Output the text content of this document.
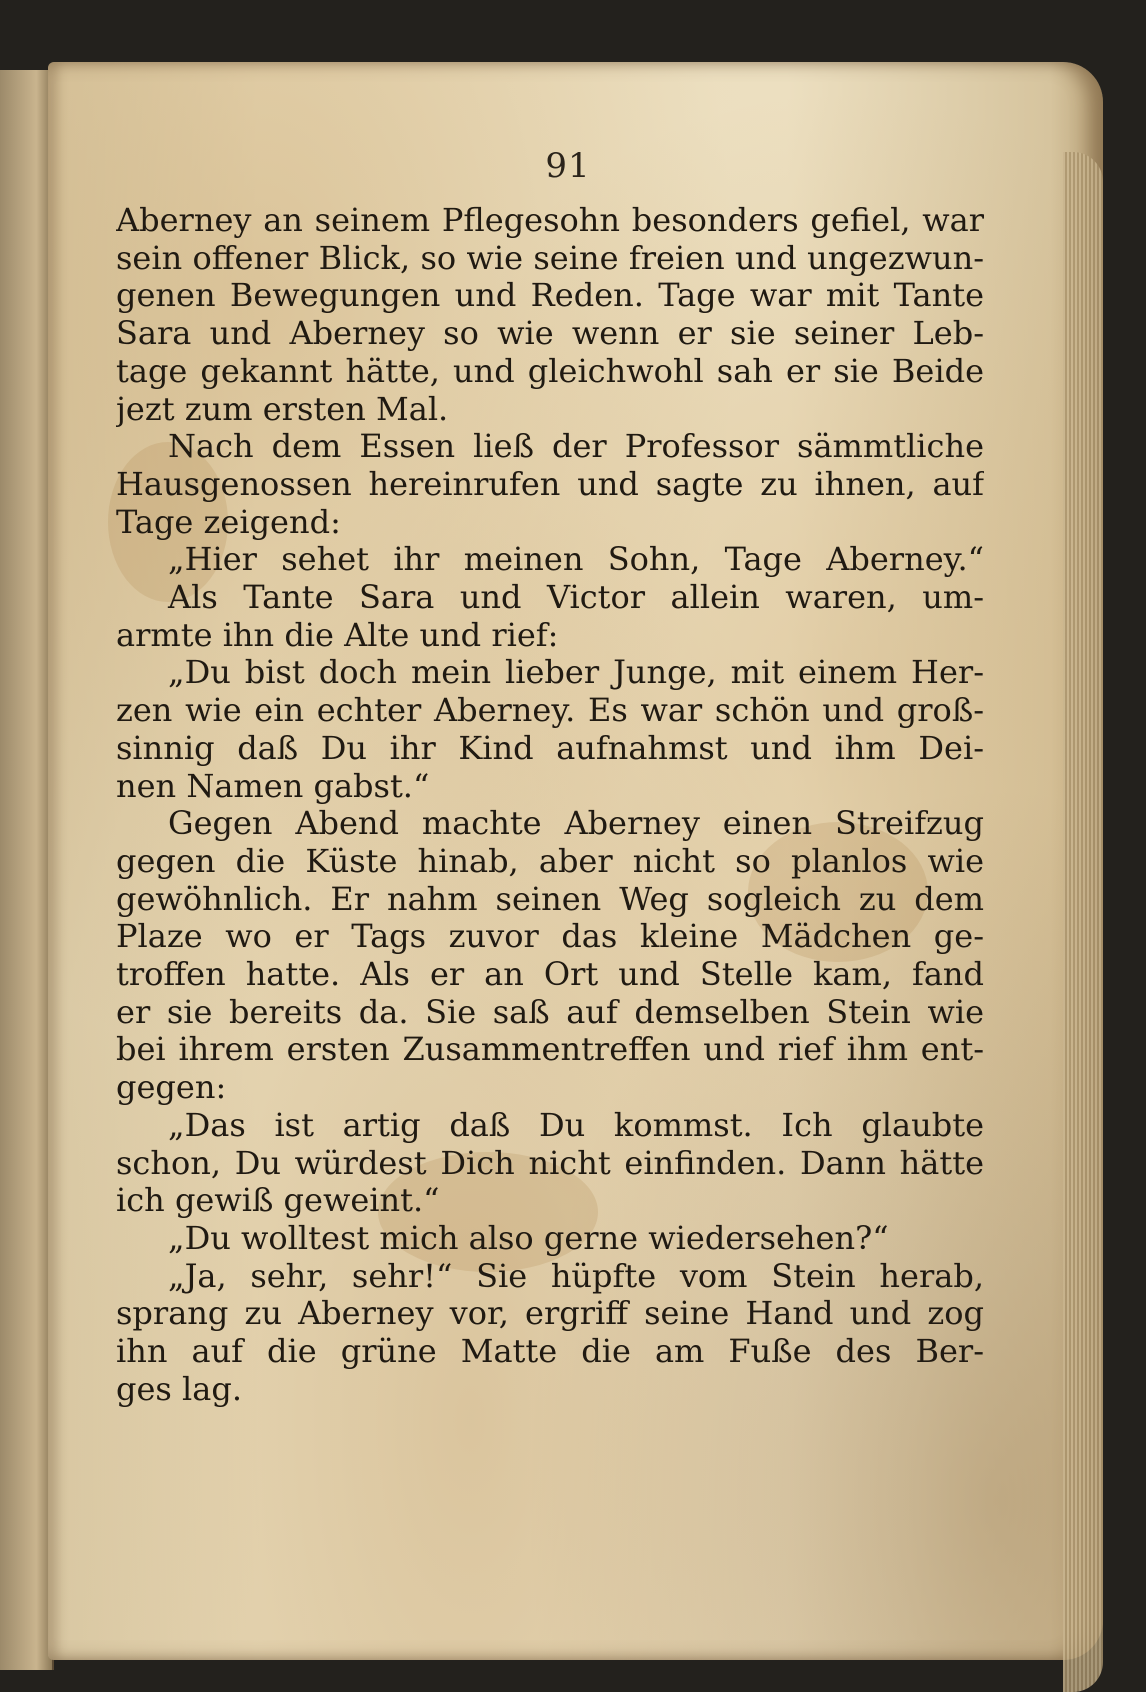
91
Aberney an seinem Pflegesohn besonders gefiel, war
sein offener Blick, so wie seine freien und ungezwun-
genen Bewegungen und Reden. Tage war mit Tante
Sara und Aberney so wie wenn er sie seiner Leb-
tage gekannt hätte, und gleichwohl sah er sie Beide
jezt zum ersten Mal.
Nach dem Essen ließ der Professor sämmtliche
Hausgenossen hereinrufen und sagte zu ihnen, auf
Tage zeigend:
„Hier sehet ihr meinen Sohn, Tage Aberney.“
Als Tante Sara und Victor allein waren, um-
armte ihn die Alte und rief:
„Du bist doch mein lieber Junge, mit einem Her-
zen wie ein echter Aberney. Es war schön und groß-
sinnig daß Du ihr Kind aufnahmst und ihm Dei-
nen Namen gabst.“
Gegen Abend machte Aberney einen Streifzug
gegen die Küste hinab, aber nicht so planlos wie
gewöhnlich. Er nahm seinen Weg sogleich zu dem
Plaze wo er Tags zuvor das kleine Mädchen ge-
troffen hatte. Als er an Ort und Stelle kam, fand
er sie bereits da. Sie saß auf demselben Stein wie
bei ihrem ersten Zusammentreffen und rief ihm ent-
gegen:
„Das ist artig daß Du kommst. Ich glaubte
schon, Du würdest Dich nicht einfinden. Dann hätte
ich gewiß geweint.“
„Du wolltest mich also gerne wiedersehen?“
„Ja, sehr, sehr!“ Sie hüpfte vom Stein herab,
sprang zu Aberney vor, ergriff seine Hand und zog
ihn auf die grüne Matte die am Fuße des Ber-
ges lag.
